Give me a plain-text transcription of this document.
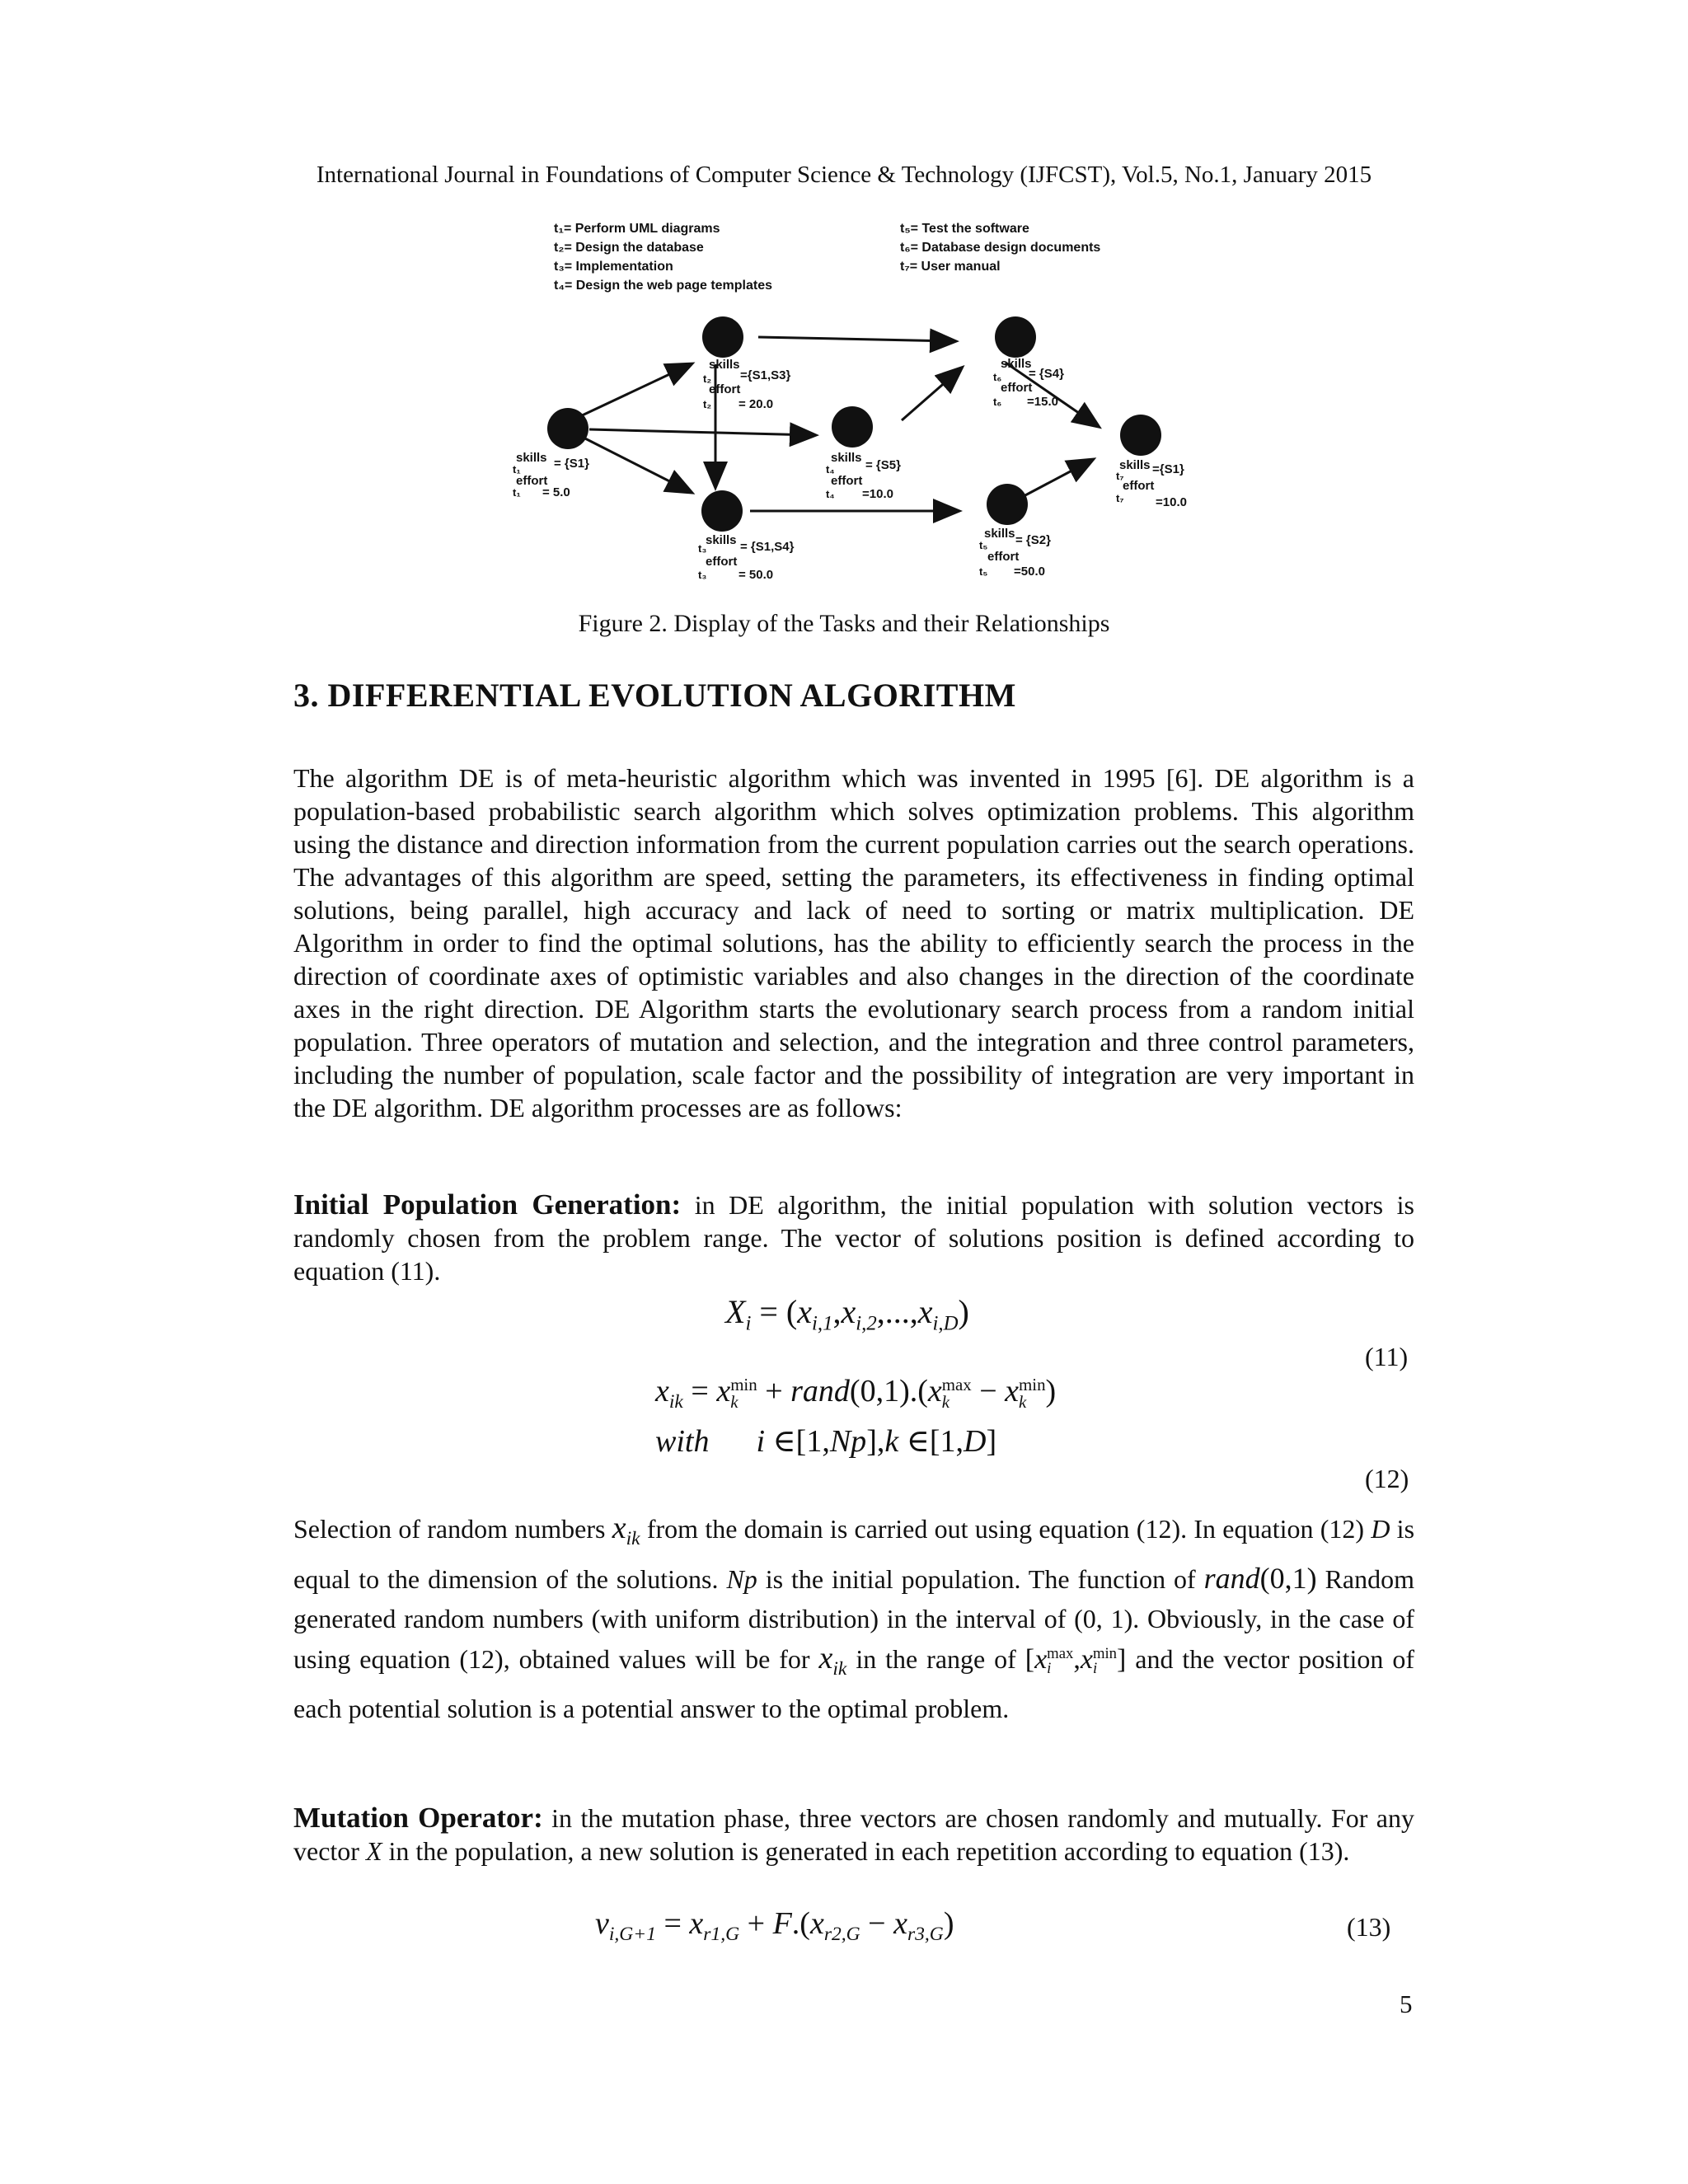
International Journal in Foundations of Computer Science & Technology (IJFCST), Vol.5, No.1, January 2015
t₁= Perform UML diagrams
t₂= Design the database
t₃= Implementation
t₄= Design the web page templates
t₅= Test the software
t₆= Database design documents
t₇= User manual
skills
t₁	= {S1}
effort
t₁ = 5.0
skills
t₂ ={S1,S3}
effort
t₂ = 20.0
skills
t₃	= {S1,S4}
effort
t₃	= 50.0
skills
t₄ = {S5}
effort
t₄ =10.0
skills
t₅ = {S2}
effort
t₅ =50.0
skills
t₆ = {S4}
effort
t₆ =15.0
skills
t₇ ={S1}
effort
t₇	=10.0
Figure 2. Display of the Tasks and their Relationships
3. DIFFERENTIAL EVOLUTION ALGORITHM
The algorithm DE is of meta-heuristic algorithm which was invented in 1995 [6]. DE algorithm is a population-based probabilistic search algorithm which solves optimization problems. This algorithm using the distance and direction information from the current population carries out the search operations. The advantages of this algorithm are speed, setting the parameters, its effectiveness in finding optimal solutions, being parallel, high accuracy and lack of need to sorting or matrix multiplication. DE Algorithm in order to find the optimal solutions, has the ability to efficiently search the process in the direction of coordinate axes of optimistic variables and also changes in the direction of the coordinate axes in the right direction. DE Algorithm starts the evolutionary search process from a random initial population. Three operators of mutation and selection, and the integration and three control parameters, including the number of population, scale factor and the possibility of integration are very important in the DE algorithm. DE algorithm processes are as follows:
Initial Population Generation: in DE algorithm, the initial population with solution vectors is randomly chosen from the problem range. The vector of solutions position is defined according to equation (11).
$X_i = (x_{i,1},x_{i,2},...,x_{i,D})$
(11)
$x_{ik} = x$ min
k + rand(0,1).(x max
k − x min
k )
with      i ∈[1,Np],k ∈[1,D]
(12)
Selection of random numbers $x_{ik}$ from the domain is carried out using equation (12). In equation (12) D is equal to the dimension of the solutions. Np is the initial population. The function of rand(0,1) Random generated random numbers (with uniform distribution) in the interval of (0, 1). Obviously, in the case of using equation (12), obtained values will be for $x_{ik}$ in the range of [x max
i ,x min
i ] and the vector position of each potential solution is a potential answer to the optimal problem.
Mutation Operator: in the mutation phase, three vectors are chosen randomly and mutually. For any vector X in the population, a new solution is generated in each repetition according to equation (13).
$v_{i,G+1} = x_{r1,G} + F.(x_{r2,G} - x_{r3,G})$	(13)
5
